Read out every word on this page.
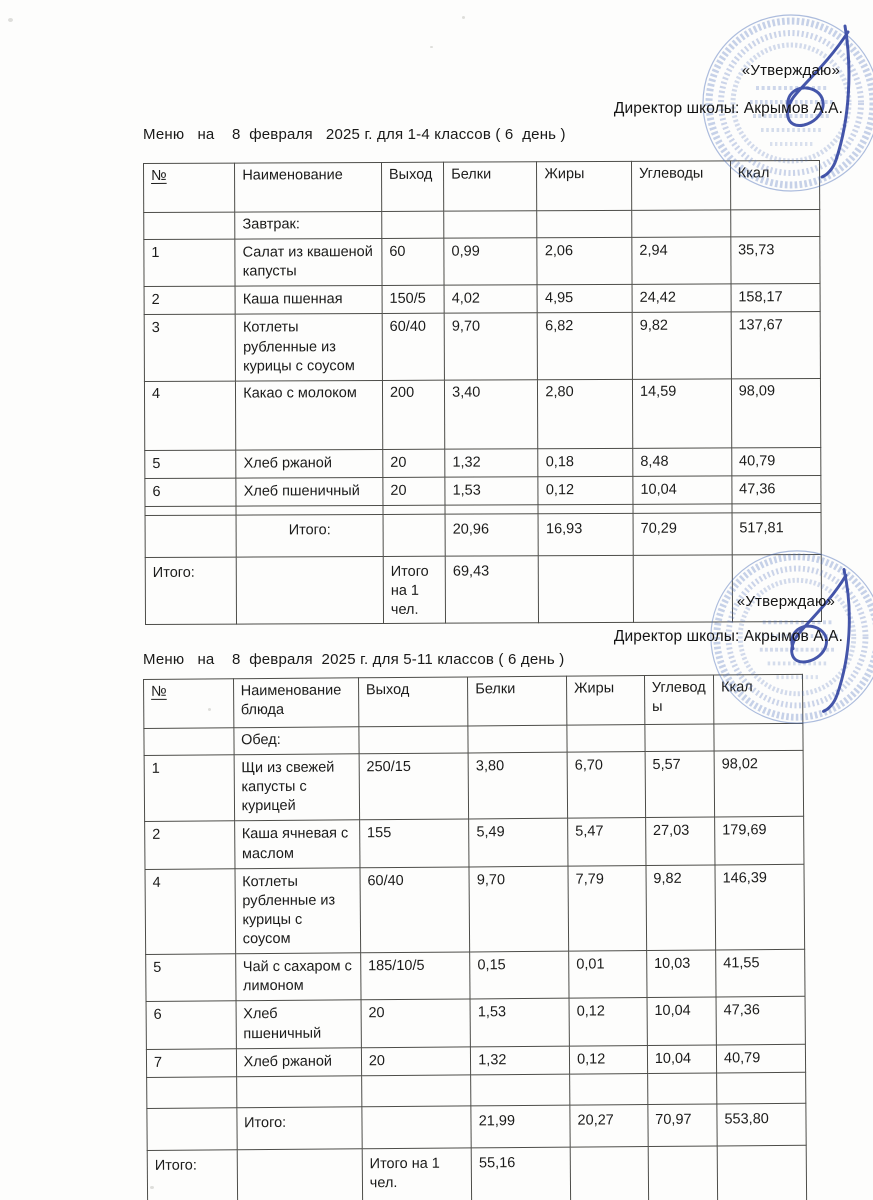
«Утверждаю»
Директор школы: Акрымов А.А.
Меню   на    8  февраля   2025 г. для 1-4 классов ( 6  день )
№	Наименование	Выход	Белки	Жиры	Углеводы	Ккал
	Завтрак:					
1	Салат из квашеной капусты	60	0,99	2,06	2,94	35,73
2	Каша пшенная	150/5	4,02	4,95	24,42	158,17
3	Котлеты рубленные из курицы с соусом	60/40	9,70	6,82	9,82	137,67
4	Какао с молоком	200	3,40	2,80	14,59	98,09
5	Хлеб ржаной	20	1,32	0,18	8,48	40,79
6	Хлеб пшеничный	20	1,53	0,12	10,04	47,36

	Итого:		20,96	16,93	70,29	517,81
Итого:		Итого на 1 чел.	69,43			
«Утверждаю»
Директор школы: Акрымов А.А.
Меню   на    8  февраля  2025 г. для 5-11 классов ( 6 день )
№	Наименование блюда	Выход	Белки	Жиры	Углеводы	Ккал
	Обед:					
1	Щи из свежей капусты с курицей	250/15	3,80	6,70	5,57	98,02
2	Каша ячневая с маслом	155	5,49	5,47	27,03	179,69
4	Котлеты рубленные из курицы с соусом	60/40	9,70	7,79	9,82	146,39
5	Чай с сахаром с лимоном	185/10/5	0,15	0,01	10,03	41,55
6	Хлеб пшеничный	20	1,53	0,12	10,04	47,36
7	Хлеб ржаной	20	1,32	0,12	10,04	40,79

	Итого:		21,99	20,27	70,97	553,80
Итого:		Итого на 1 чел.	55,16			
